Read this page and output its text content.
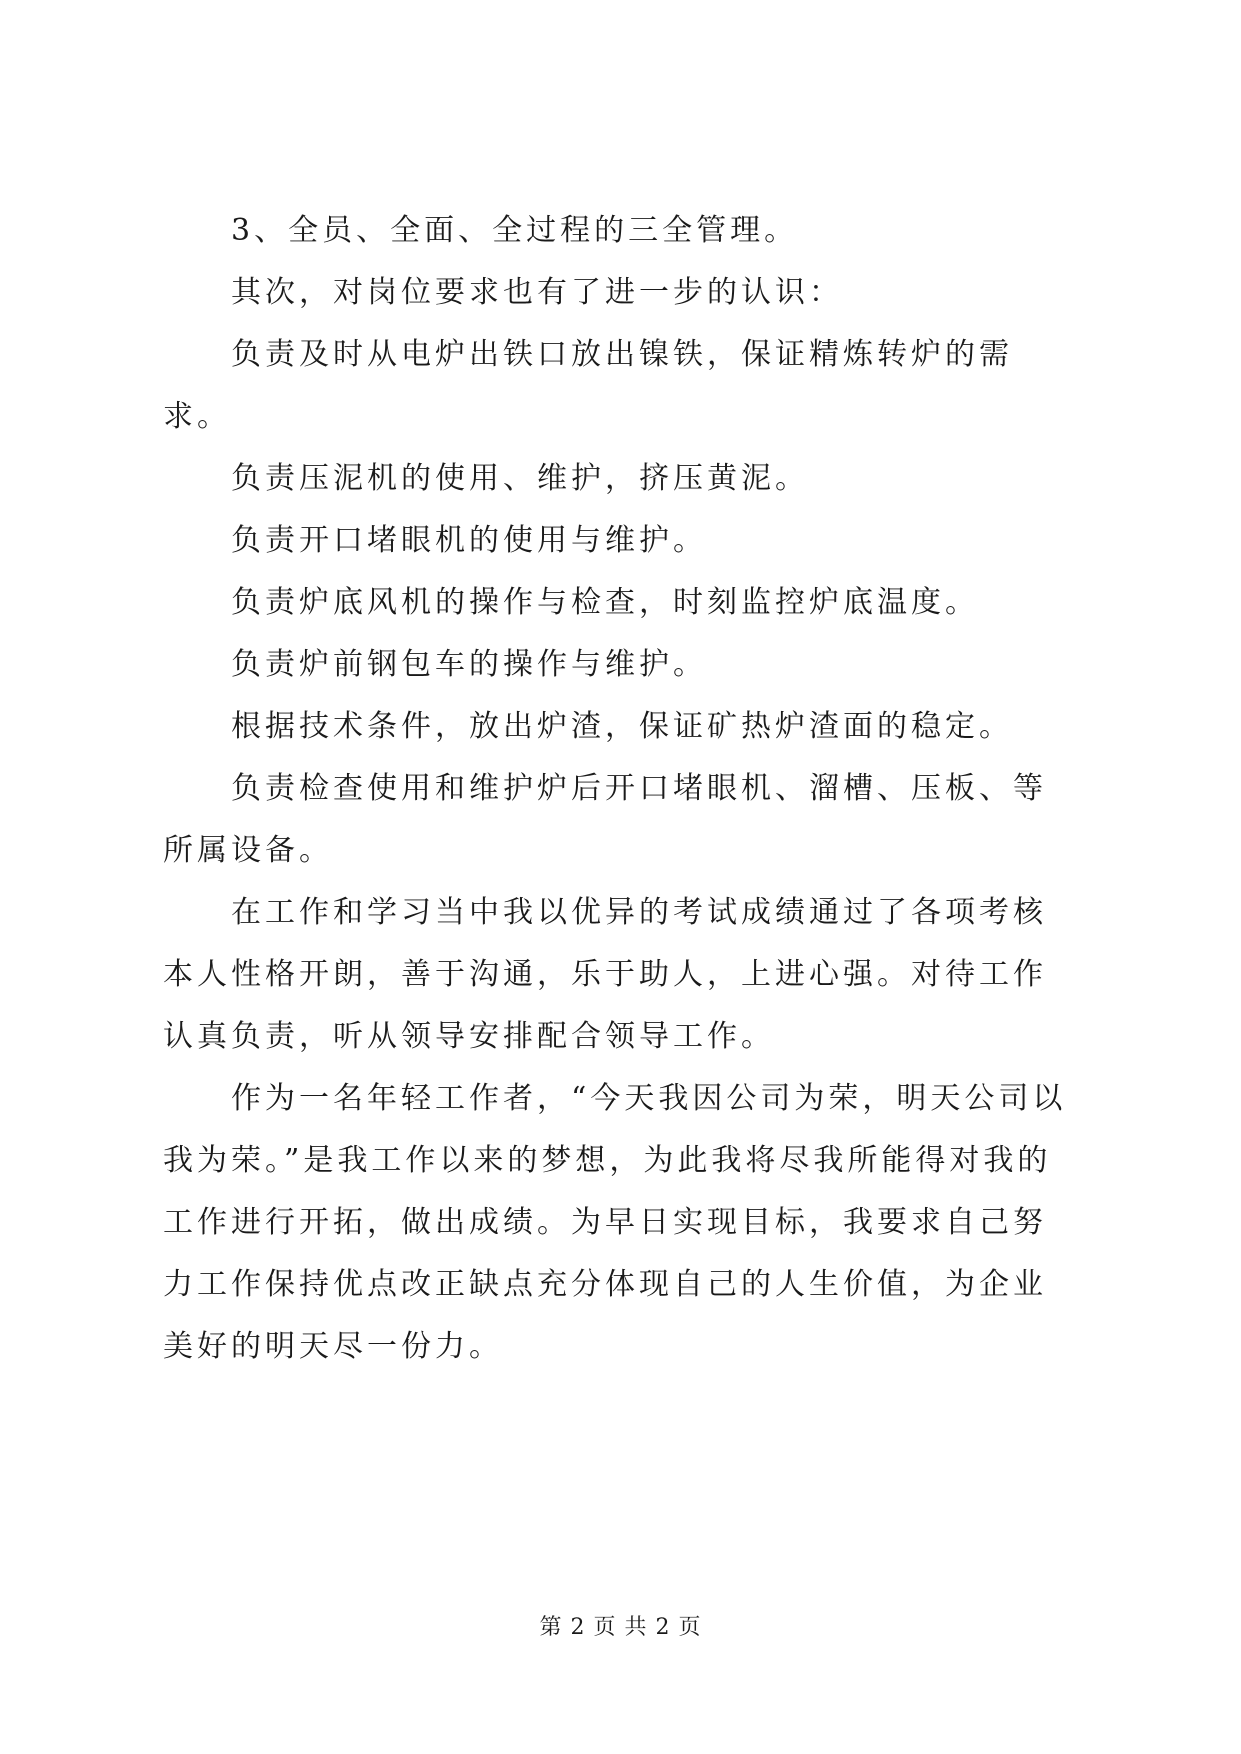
3、全员、全面、全过程的三全管理。

其次，对岗位要求也有了进一步的认识：

负责及时从电炉出铁口放出镍铁，保证精炼转炉的需求。

负责压泥机的使用、维护，挤压黄泥。

负责开口堵眼机的使用与维护。

负责炉底风机的操作与检查，时刻监控炉底温度。

负责炉前钢包车的操作与维护。

根据技术条件，放出炉渣，保证矿热炉渣面的稳定。

负责检查使用和维护炉后开口堵眼机、溜槽、压板、等所属设备。

在工作和学习当中我以优异的考试成绩通过了各项考核本人性格开朗，善于沟通，乐于助人，上进心强。对待工作认真负责，听从领导安排配合领导工作。

作为一名年轻工作者，“今天我因公司为荣，明天公司以我为荣。”是我工作以来的梦想，为此我将尽我所能得对我的工作进行开拓，做出成绩。为早日实现目标，我要求自己努力工作保持优点改正缺点充分体现自己的人生价值，为企业美好的明天尽一份力。

第 2 页 共 2 页
